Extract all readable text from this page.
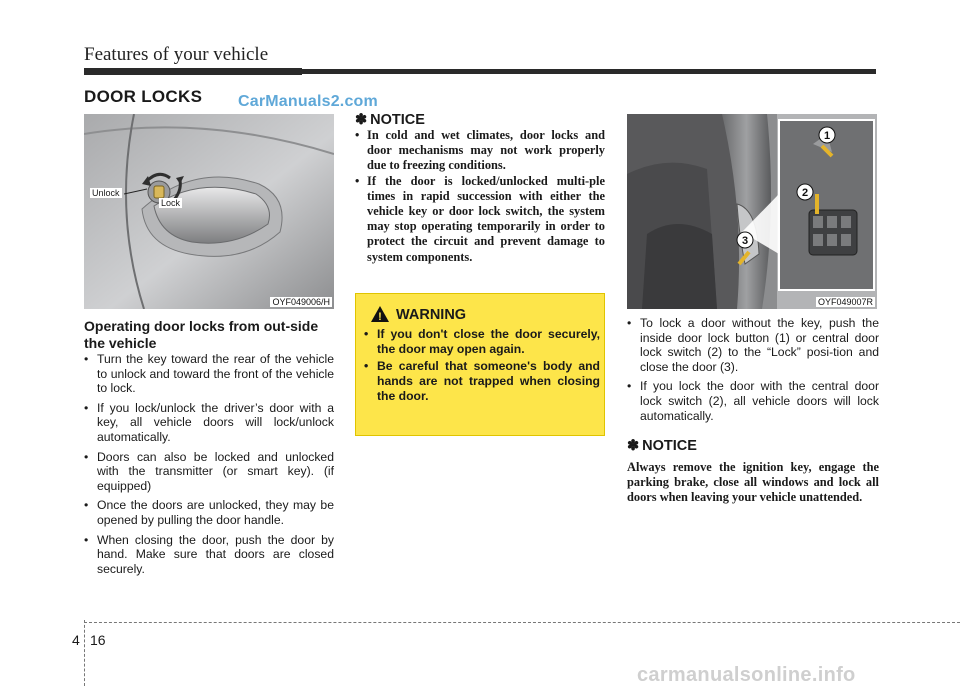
Features of your vehicle
DOOR LOCKS CarManuals2.com
Unlock
Lock
OYF049006/H
Operating door locks from out-side the vehicle
• Turn the key toward the rear of the vehicle to unlock and toward the front of the vehicle to lock.
• If you lock/unlock the driver’s door with a key, all vehicle doors will lock/unlock automatically.
• Doors can also be locked and unlocked with the transmitter (or smart key). (if equipped)
• Once the doors are unlocked, they may be opened by pulling the door handle.
• When closing the door, push the door by hand. Make sure that doors are closed securely.
✽ NOTICE
• In cold and wet climates, door locks and door mechanisms may not work properly due to freezing conditions.
• If the door is locked/unlocked multi-ple times in rapid succession with either the vehicle key or door lock switch, the system may stop operating temporarily in order to protect the circuit and prevent damage to system components.
! WARNING
• If you don't close the door securely, the door may open again.
• Be careful that someone's body and hands are not trapped when closing the door.
1
2
3
OYF049007R
• To lock a door without the key, push the inside door lock button (1) or central door lock switch (2) to the “Lock” posi-tion and close the door (3).
• If you lock the door with the central door lock switch (2), all vehicle doors will lock automatically.
✽ NOTICE

Always remove the ignition key, engage the parking brake, close all windows and lock all doors when leaving your vehicle unattended.

4 16
carmanualsonline.info
